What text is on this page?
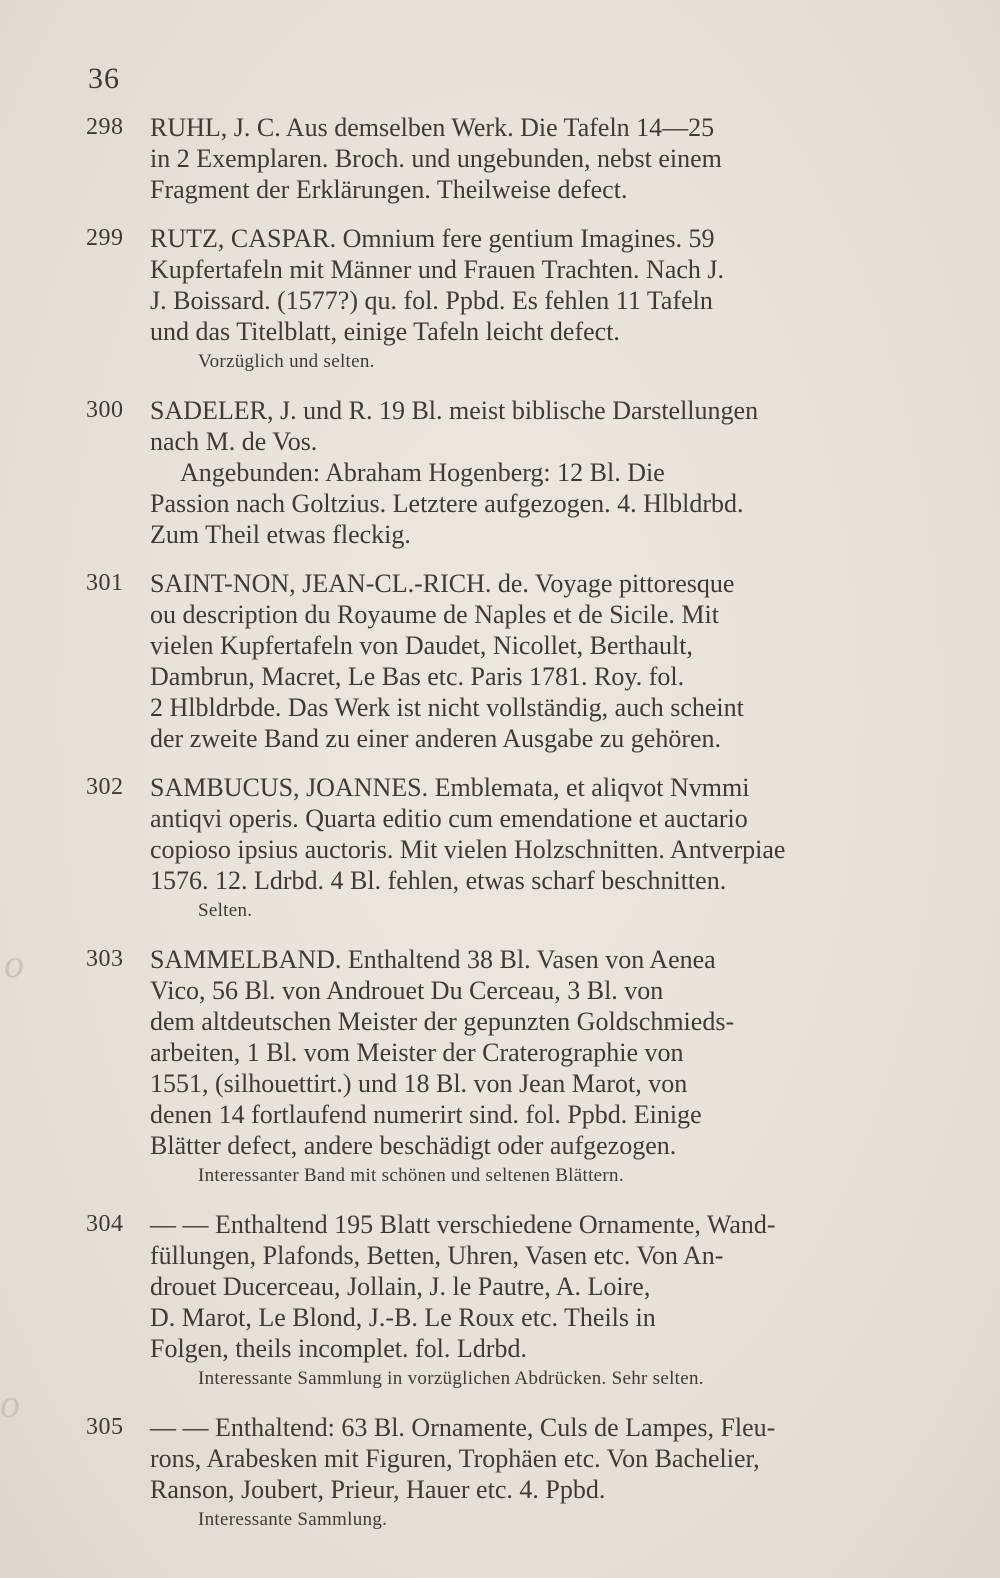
36
o
o
298 RUHL, J. C. Aus demselben Werk. Die Tafeln 14—25
in 2 Exemplaren. Broch. und ungebunden, nebst einem
Fragment der Erklärungen. Theilweise defect.
299 RUTZ, CASPAR. Omnium fere gentium Imagines. 59
Kupfertafeln mit Männer und Frauen Trachten. Nach J.
J. Boissard. (1577?) qu. fol. Ppbd. Es fehlen 11 Tafeln
und das Titelblatt, einige Tafeln leicht defect.
Vorzüglich und selten.
300 SADELER, J. und R. 19 Bl. meist biblische Darstellungen
nach M. de Vos.
Angebunden: Abraham Hogenberg: 12 Bl. Die
Passion nach Goltzius. Letztere aufgezogen. 4. Hlbldrbd.
Zum Theil etwas fleckig.
301 SAINT-NON, JEAN-CL.-RICH. de. Voyage pittoresque
ou description du Royaume de Naples et de Sicile. Mit
vielen Kupfertafeln von Daudet, Nicollet, Berthault,
Dambrun, Macret, Le Bas etc. Paris 1781. Roy. fol.
2 Hlbldrbde. Das Werk ist nicht vollständig, auch scheint
der zweite Band zu einer anderen Ausgabe zu gehören.
302 SAMBUCUS, JOANNES. Emblemata, et aliqvot Nvmmi
antiqvi operis. Quarta editio cum emendatione et auctario
copioso ipsius auctoris. Mit vielen Holzschnitten. Antverpiae
1576. 12. Ldrbd. 4 Bl. fehlen, etwas scharf beschnitten.
Selten.
303 SAMMELBAND. Enthaltend 38 Bl. Vasen von Aenea
Vico, 56 Bl. von Androuet Du Cerceau, 3 Bl. von
dem altdeutschen Meister der gepunzten Goldschmieds-
arbeiten, 1 Bl. vom Meister der Craterographie von
1551, (silhouettirt.) und 18 Bl. von Jean Marot, von
denen 14 fortlaufend numerirt sind. fol. Ppbd. Einige
Blätter defect, andere beschädigt oder aufgezogen.
Interessanter Band mit schönen und seltenen Blättern.
304 — — Enthaltend 195 Blatt verschiedene Ornamente, Wand-
füllungen, Plafonds, Betten, Uhren, Vasen etc. Von An-
drouet Ducerceau, Jollain, J. le Pautre, A. Loire,
D. Marot, Le Blond, J.-B. Le Roux etc. Theils in
Folgen, theils incomplet. fol. Ldrbd.
Interessante Sammlung in vorzüglichen Abdrücken. Sehr selten.
305 — — Enthaltend: 63 Bl. Ornamente, Culs de Lampes, Fleu-
rons, Arabesken mit Figuren, Trophäen etc. Von Bachelier,
Ranson, Joubert, Prieur, Hauer etc. 4. Ppbd.
Interessante Sammlung.
